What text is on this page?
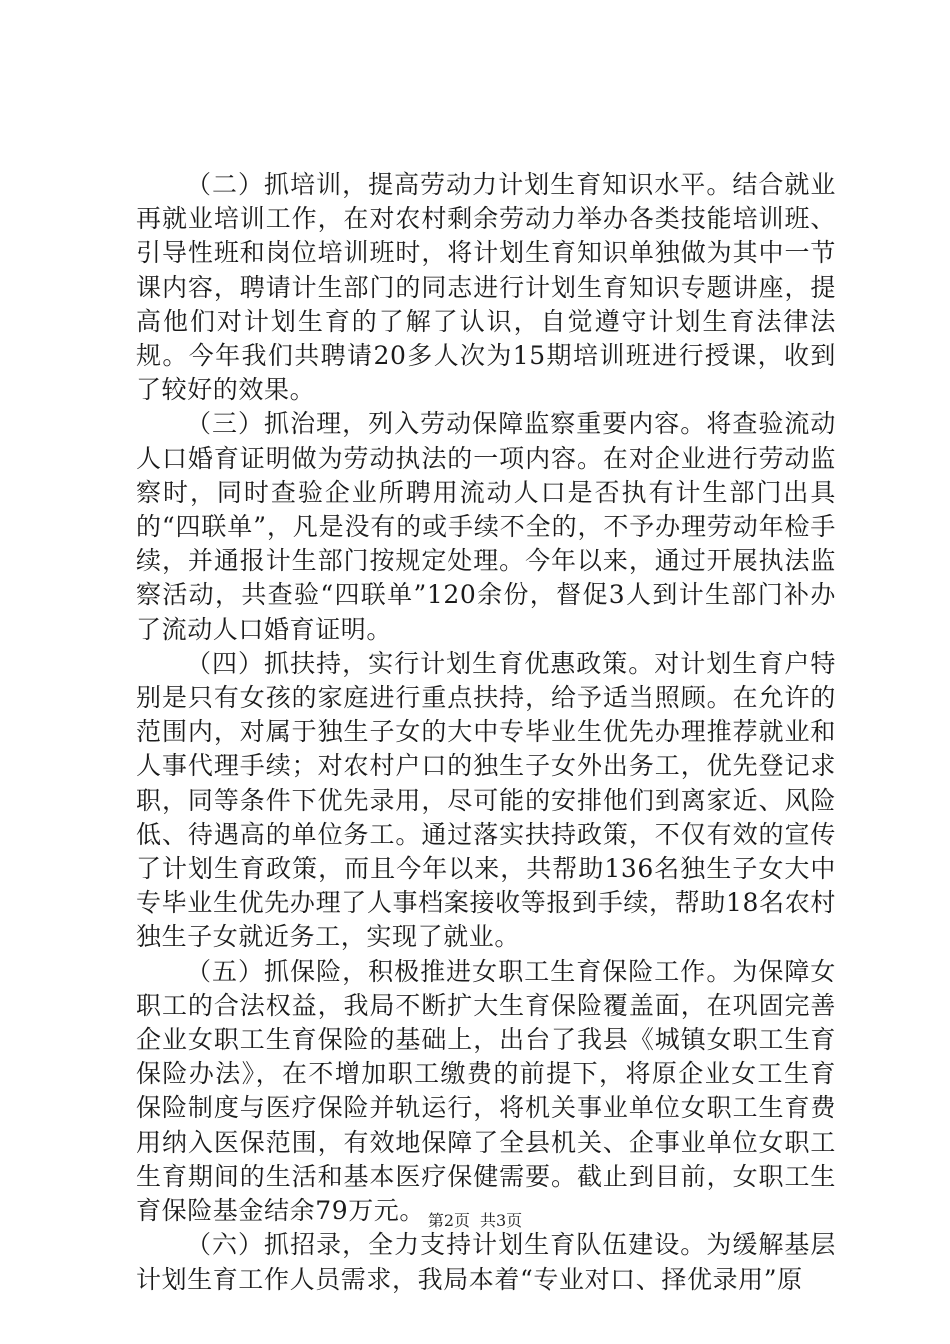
（二）抓培训，提高劳动力计划生育知识水平。结合就业再就业培训工作，在对农村剩余劳动力举办各类技能培训班、引导性班和岗位培训班时，将计划生育知识单独做为其中一节课内容，聘请计生部门的同志进行计划生育知识专题讲座，提高他们对计划生育的了解了认识，自觉遵守计划生育法律法规。今年我们共聘请20多人次为15期培训班进行授课，收到了较好的效果。

（三）抓治理，列入劳动保障监察重要内容。将查验流动人口婚育证明做为劳动执法的一项内容。在对企业进行劳动监察时，同时查验企业所聘用流动人口是否执有计生部门出具的“四联单”，凡是没有的或手续不全的，不予办理劳动年检手续，并通报计生部门按规定处理。今年以来，通过开展执法监察活动，共查验“四联单”120余份，督促3人到计生部门补办了流动人口婚育证明。

（四）抓扶持，实行计划生育优惠政策。对计划生育户特别是只有女孩的家庭进行重点扶持，给予适当照顾。在允许的范围内，对属于独生子女的大中专毕业生优先办理推荐就业和人事代理手续；对农村户口的独生子女外出务工，优先登记求职，同等条件下优先录用，尽可能的安排他们到离家近、风险低、待遇高的单位务工。通过落实扶持政策，不仅有效的宣传了计划生育政策，而且今年以来，共帮助136名独生子女大中专毕业生优先办理了人事档案接收等报到手续，帮助18名农村独生子女就近务工，实现了就业。

（五）抓保险，积极推进女职工生育保险工作。为保障女职工的合法权益，我局不断扩大生育保险覆盖面，在巩固完善企业女职工生育保险的基础上，出台了我县《城镇女职工生育保险办法》，在不增加职工缴费的前提下，将原企业女工生育保险制度与医疗保险并轨运行，将机关事业单位女职工生育费用纳入医保范围，有效地保障了全县机关、企事业单位女职工生育期间的生活和基本医疗保健需要。截止到目前，女职工生育保险基金结余79万元。

（六）抓招录，全力支持计划生育队伍建设。为缓解基层计划生育工作人员需求，我局本着“专业对口、择优录用”原

第2页 共3页
